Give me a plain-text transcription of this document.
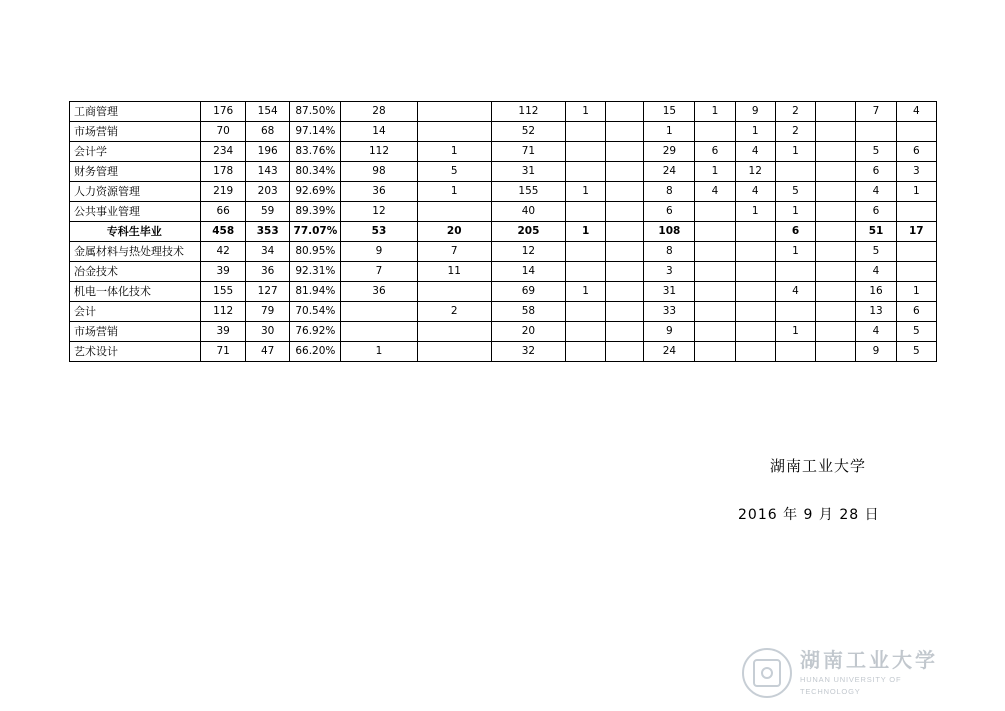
工商管理	176	154	87.50%	28		112	1		15	1	9	2		7	4
市场营销	70	68	97.14%	14		52			1		1	2			
会计学	234	196	83.76%	112	1	71			29	6	4	1		5	6
财务管理	178	143	80.34%	98	5	31			24	1	12			6	3
人力资源管理	219	203	92.69%	36	1	155	1		8	4	4	5		4	1
公共事业管理	66	59	89.39%	12		40			6		1	1		6	
专科生毕业	458	353	77.07%	53	20	205	1		108			6		51	17
金属材料与热处理技术	42	34	80.95%	9	7	12			8			1		5	
冶金技术	39	36	92.31%	7	11	14			3					4	
机电一体化技术	155	127	81.94%	36		69	1		31			4		16	1
会计	112	79	70.54%		2	58			33					13	6
市场营销	39	30	76.92%			20			9			1		4	5
艺术设计	71	47	66.20%	1		32			24					9	5
湖南工业大学
2016 年 9 月 28 日
湖南工业大学
HUNAN UNIVERSITY OF TECHNOLOGY
